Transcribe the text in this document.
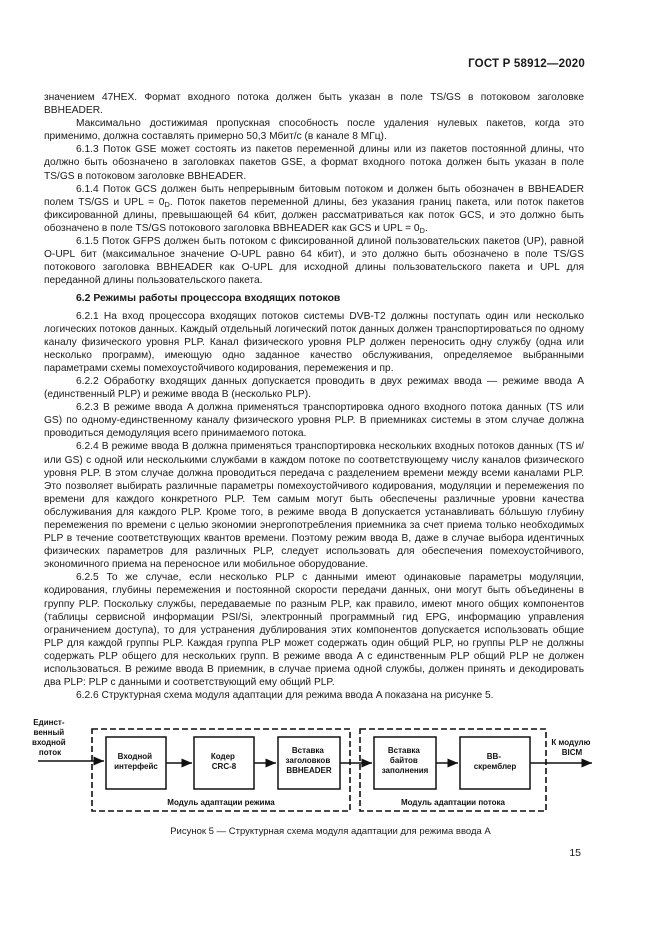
ГОСТ Р 58912—2020

значением 47HEX. Формат входного потока должен быть указан в поле TS/GS в потоковом заголовке BBHEADER.

Максимально достижимая пропускная способность после удаления нулевых пакетов, когда это применимо, должна составлять примерно 50,3 Мбит/с (в канале 8 МГц).

6.1.3 Поток GSE может состоять из пакетов переменной длины или из пакетов постоянной длины, что должно быть обозначено в заголовках пакетов GSE, а формат входного потока должен быть указан в поле TS/GS в потоковом заголовке BBHEADER.

6.1.4 Поток GCS должен быть непрерывным битовым потоком и должен быть обозначен в BBHEADER полем TS/GS и UPL = $0_D$. Поток пакетов переменной длины, без указания границ пакета, или поток пакетов фиксированной длины, превышающей 64 кбит, должен рассматриваться как поток GCS, и это должно быть обозначено в поле TS/GS потокового заголовка BBHEADER как GCS и UPL = $0_D$.

6.1.5 Поток GFPS должен быть потоком с фиксированной длиной пользовательских пакетов (UP), равной O-UPL бит (максимальное значение O-UPL равно 64 кбит), и это должно быть обозначено в поле TS/GS потокового заголовка BBHEADER как O-UPL для исходной длины пользовательского пакета и UPL для переданной длины пользовательского пакета.

6.2 Режимы работы процессора входящих потоков

6.2.1 На вход процессора входящих потоков системы DVB-T2 должны поступать один или несколько логических потоков данных. Каждый отдельный логический поток данных должен транспортироваться по одному каналу физического уровня PLP. Канал физического уровня PLP должен переносить одну службу (одна или несколько программ), имеющую одно заданное качество обслуживания, определяемое выбранными параметрами схемы помехоустойчивого кодирования, перемежения и пр.

6.2.2 Обработку входящих данных допускается проводить в двух режимах ввода — режиме ввода A (единственный PLP) и режиме ввода B (несколько PLP).

6.2.3 В режиме ввода A должна применяться транспортировка одного входного потока данных (TS или GS) по одному-единственному каналу физического уровня PLP. В приемниках системы в этом случае должна проводиться демодуляция всего принимаемого потока.

6.2.4 В режиме ввода B должна применяться транспортировка нескольких входных потоков данных (TS и/или GS) с одной или несколькими службами в каждом потоке по соответствующему числу каналов физического уровня PLP. В этом случае должна проводиться передача с разделением времени между всеми каналами PLP. Это позволяет выбирать различные параметры помехоустойчивого кодирования, модуляции и перемежения по времени для каждого конкретного PLP. Тем самым могут быть обеспечены различные уровни качества обслуживания для каждого PLP. Кроме того, в режиме ввода B допускается устанавливать бо́льшую глубину перемежения по времени с целью экономии энергопотребления приемника за счет приема только необходимых PLP в течение соответствующих квантов времени. Поэтому режим ввода B, даже в случае выбора идентичных физических параметров для различных PLP, следует использовать для обеспечения помехоустойчивого, экономичного приема на переносное или мобильное оборудование.

6.2.5 То же случае, если несколько PLP с данными имеют одинаковые параметры модуляции, кодирования, глубины перемежения и постоянной скорости передачи данных, они могут быть объединены в группу PLP. Поскольку службы, передаваемые по разным PLP, как правило, имеют много общих компонентов (таблицы сервисной информации PSI/Si, электронный программный гид EPG, информацию управления ограничением доступа), то для устранения дублирования этих компонентов допускается использовать общие PLP для каждой группы PLP. Каждая группа PLP может содержать один общий PLP, но группы PLP не должны содержать PLP общего для нескольких групп. В режиме ввода A с единственным PLP общий PLP не должен использоваться. В режиме ввода B приемник, в случае приема одной службы, должен принять и декодировать два PLP: PLP с данными и соответствующий ему общий PLP.

6.2.6 Структурная схема модуля адаптации для режима ввода A показана на рисунке 5.

Единст- венный входной поток
К модулю BICM
Модуль адаптации режима	Модуль адаптации потока
Входной интерфейс
Кодер CRC-8
Вставка заголовков BBHEADER
Вставка байтов заполнения
BB- скремблер
Рисунок 5 — Структурная схема модуля адаптации для режима ввода A
15
